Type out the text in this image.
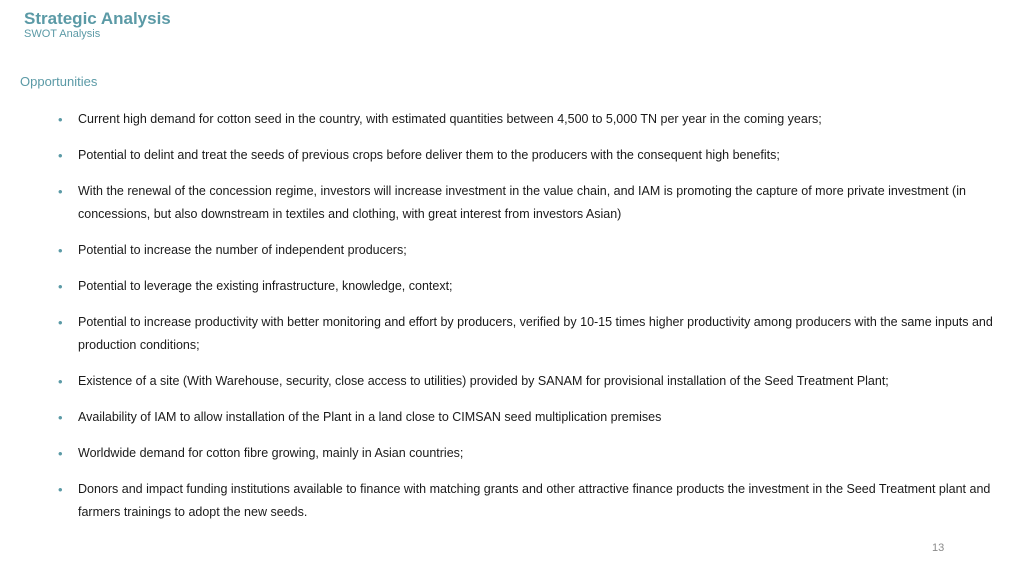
Strategic Analysis
SWOT Analysis
Opportunities
• Current high demand for cotton seed in the country, with estimated quantities between 4,500 to 5,000 TN per year in the coming years;
• Potential to delint and treat the seeds of previous crops before deliver them to the producers with the consequent high benefits;
• With the renewal of the concession regime, investors will increase investment in the value chain, and IAM is promoting the capture of more private investment (in concessions, but also downstream in textiles and clothing, with great interest from investors Asian)
• Potential to increase the number of independent producers;
• Potential to leverage the existing infrastructure, knowledge, context;
• Potential to increase productivity with better monitoring and effort by producers, verified by 10-15 times higher productivity among producers with the same inputs and production conditions;
• Existence of a site (With Warehouse, security, close access to utilities) provided by SANAM for provisional installation of the Seed Treatment Plant;
• Availability of IAM to allow installation of the Plant in a land close to CIMSAN seed multiplication premises
• Worldwide demand for cotton fibre growing, mainly in Asian countries;
• Donors and impact funding institutions available to finance with matching grants and other attractive finance products the investment in the Seed Treatment plant and farmers trainings to adopt the new seeds.
13
